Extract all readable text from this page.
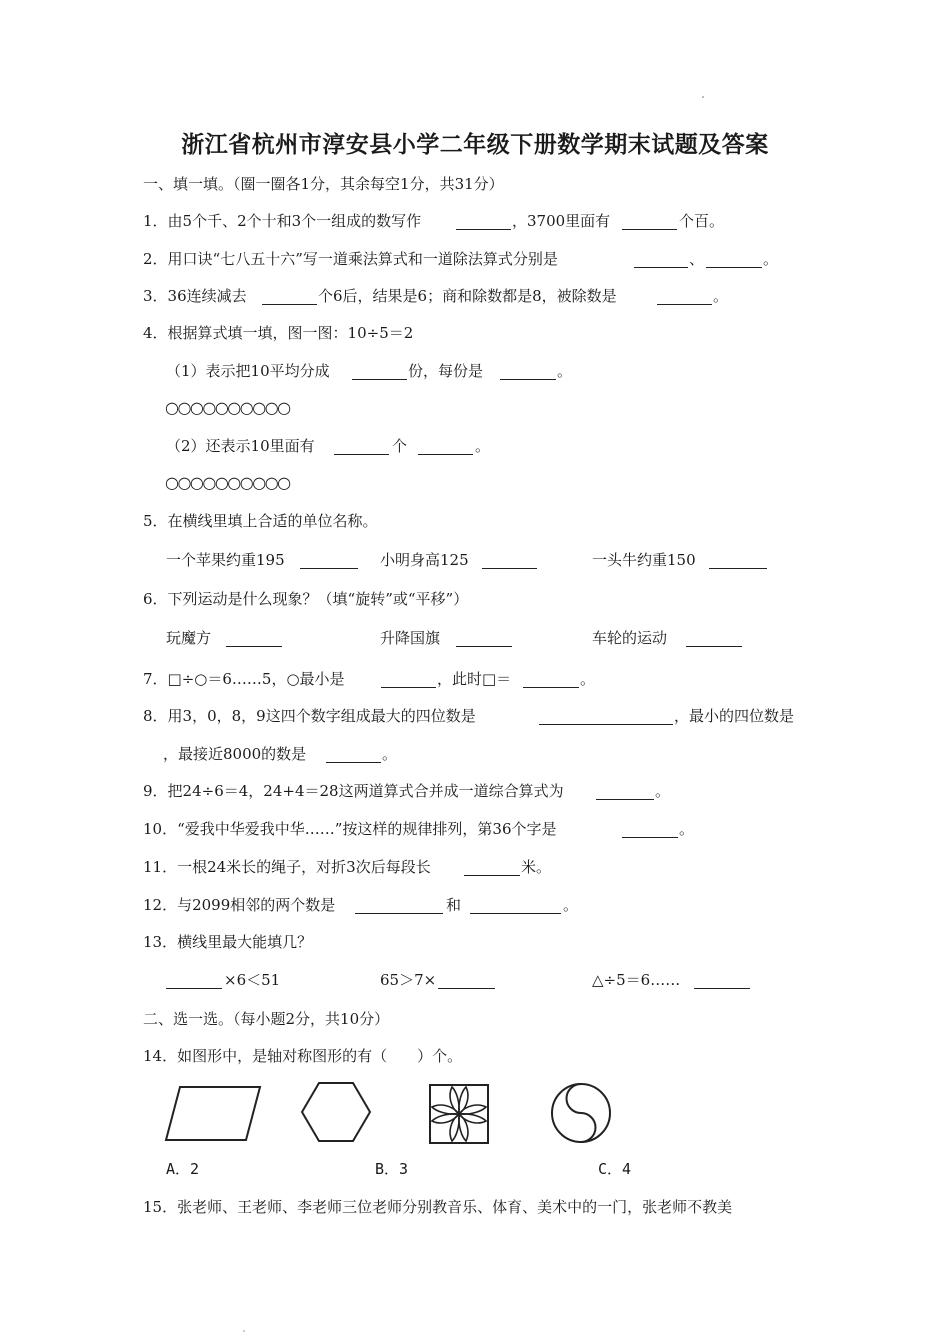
浙江省杭州市淳安县小学二年级下册数学期末试题及答案
一、填一填。（圈一圈各1分，其余每空1分，共31分）
1．由5个千、2个十和3个一组成的数写作	，3700里面有	个百。
2．用口诀“七八五十六”写一道乘法算式和一道除法算式分别是	、	。
3．36连续减去	个6后，结果是6；商和除数都是8，被除数是	。
4．根据算式填一填，图一图：10÷5＝2
（1）表示把10平均分成	份，每份是	。
○○○○○○○○○○
（2）还表示10里面有	个	。
○○○○○○○○○○
5．在横线里填上合适的单位名称。
一个苹果约重195	小明身高125	一头牛约重150
6．下列运动是什么现象？（填“旋转”或“平移”）
玩魔方	升降国旗	车轮的运动
7．□÷○＝6……5，○最小是	，此时□＝	。
8．用3，0，8，9这四个数字组成最大的四位数是	，最小的四位数是
，最接近8000的数是	。
9．把24÷6＝4，24+4＝28这两道算式合并成一道综合算式为	。
10．“爱我中华爱我中华……”按这样的规律排列，第36个字是	。
11．一根24米长的绳子，对折3次后每段长	米。
12．与2099相邻的两个数是	和	。
13．横线里最大能填几？
×6＜51	65＞7×	△÷5＝6……
二、选一选。（每小题2分，共10分）
14．如图形中，是轴对称图形的有（　　）个。
A．2	B．3	C．4
15．张老师、王老师、李老师三位老师分别教音乐、体育、美术中的一门，张老师不教美
